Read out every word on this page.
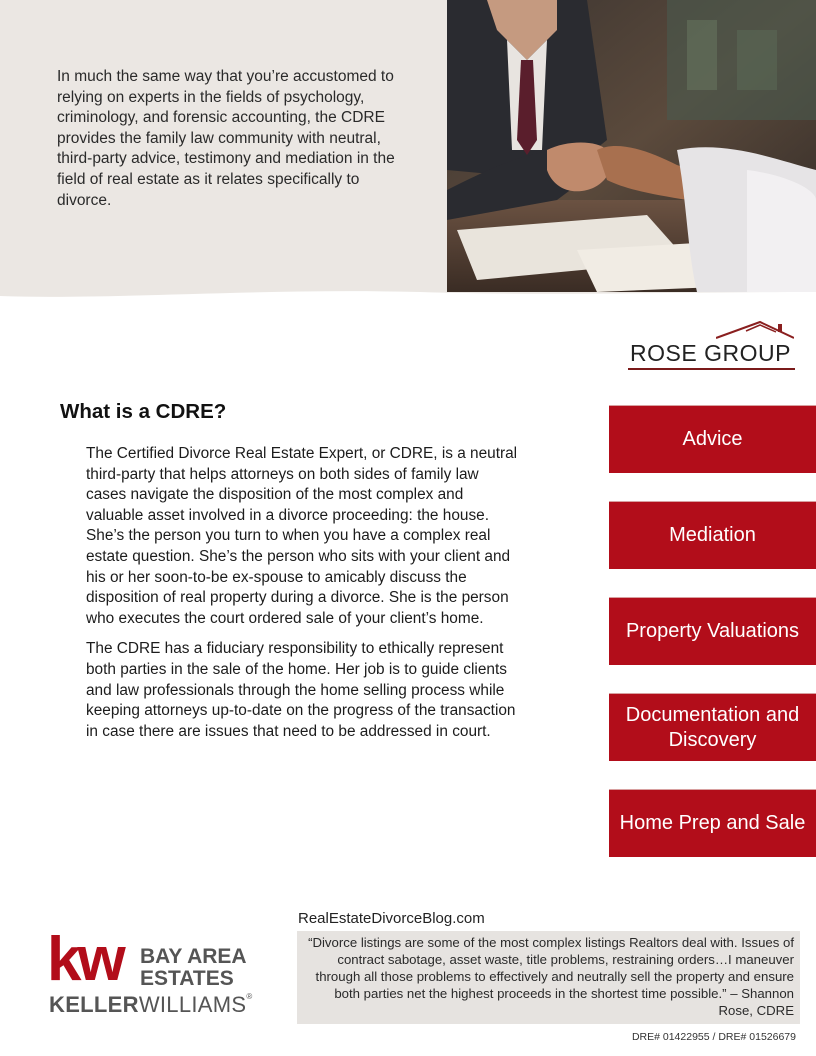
In much the same way that you’re accustomed to relying on experts in the fields of psychology, criminology, and forensic accounting, the CDRE provides the family law community with neutral, third-party advice, testimony and mediation in the field of real estate as it relates specifically to divorce.
ROSE GROUP
What is a CDRE?

The Certified Divorce Real Estate Expert, or CDRE, is a neutral third-party that helps attorneys on both sides of family law cases navigate the disposition of the most complex and valuable asset involved in a divorce proceeding: the house. She’s the person you turn to when you have a complex real estate question. She’s the person who sits with your client and his or her soon-to-be ex-spouse to amicably discuss the disposition of real property during a divorce. She is the person who executes the court ordered sale of your client’s home.

The CDRE has a fiduciary responsibility to ethically represent both parties in the sale of the home. Her job is to guide clients and law professionals through the home selling process while keeping attorneys up-to-date on the progress of the transaction in case there are issues that need to be addressed in court.

Advice
Mediation
Property Valuations
Documentation and Discovery
Home Prep and Sale
kw BAY AREA
ESTATES
KELLERWILLIAMS®
RealEstateDivorceBlog.com
“Divorce listings are some of the most complex listings Realtors deal with. Issues of contract sabotage, asset waste, title problems, restraining orders…I maneuver through all those problems to effectively and neutrally sell the property and ensure both parties net the highest proceeds in the shortest time possible.” – Shannon Rose, CDRE
DRE# 01422955 / DRE# 01526679
